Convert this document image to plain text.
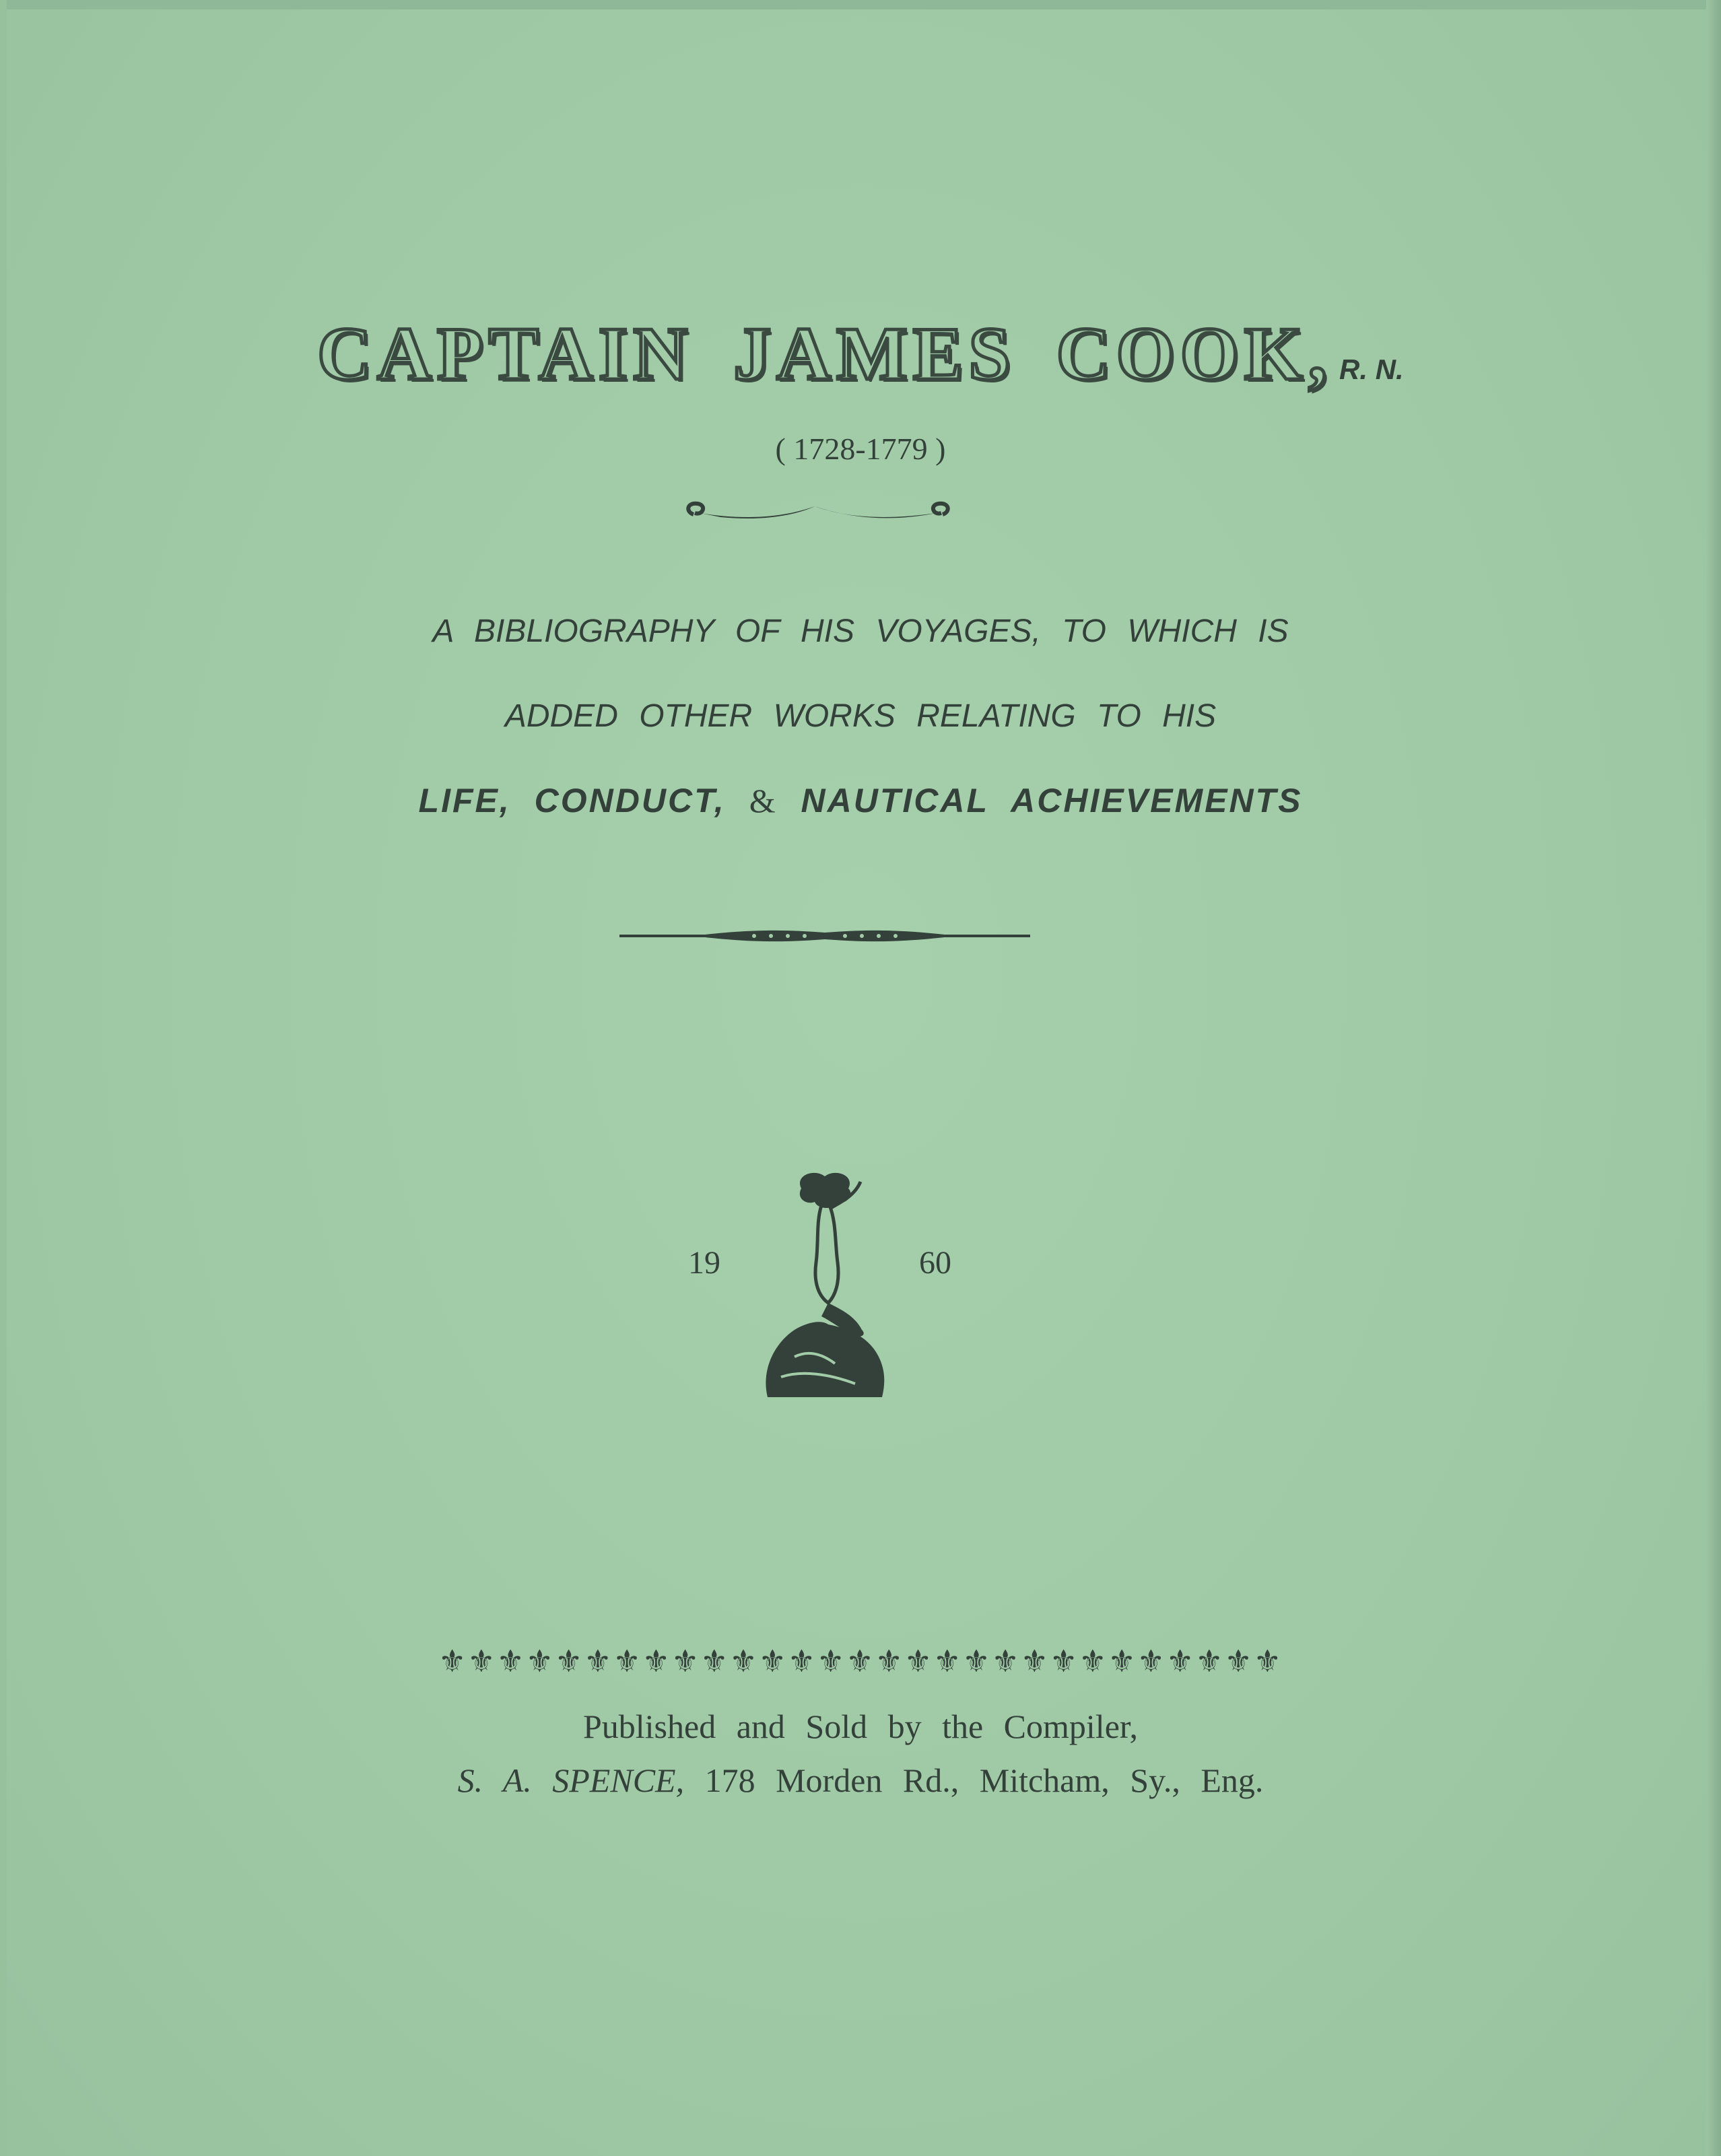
CAPTAIN JAMES COOK, R. N.
( 1728-1779 )
A BIBLIOGRAPHY OF HIS VOYAGES, TO WHICH IS
ADDED OTHER WORKS RELATING TO HIS
LIFE, CONDUCT, & NAUTICAL ACHIEVEMENTS
19	60
⚜⚜⚜⚜⚜⚜⚜⚜⚜⚜⚜⚜⚜⚜⚜⚜⚜⚜⚜⚜⚜⚜⚜⚜⚜⚜⚜⚜⚜
Published and Sold by the Compiler,
S. A. SPENCE, 178 Morden Rd., Mitcham, Sy., Eng.
